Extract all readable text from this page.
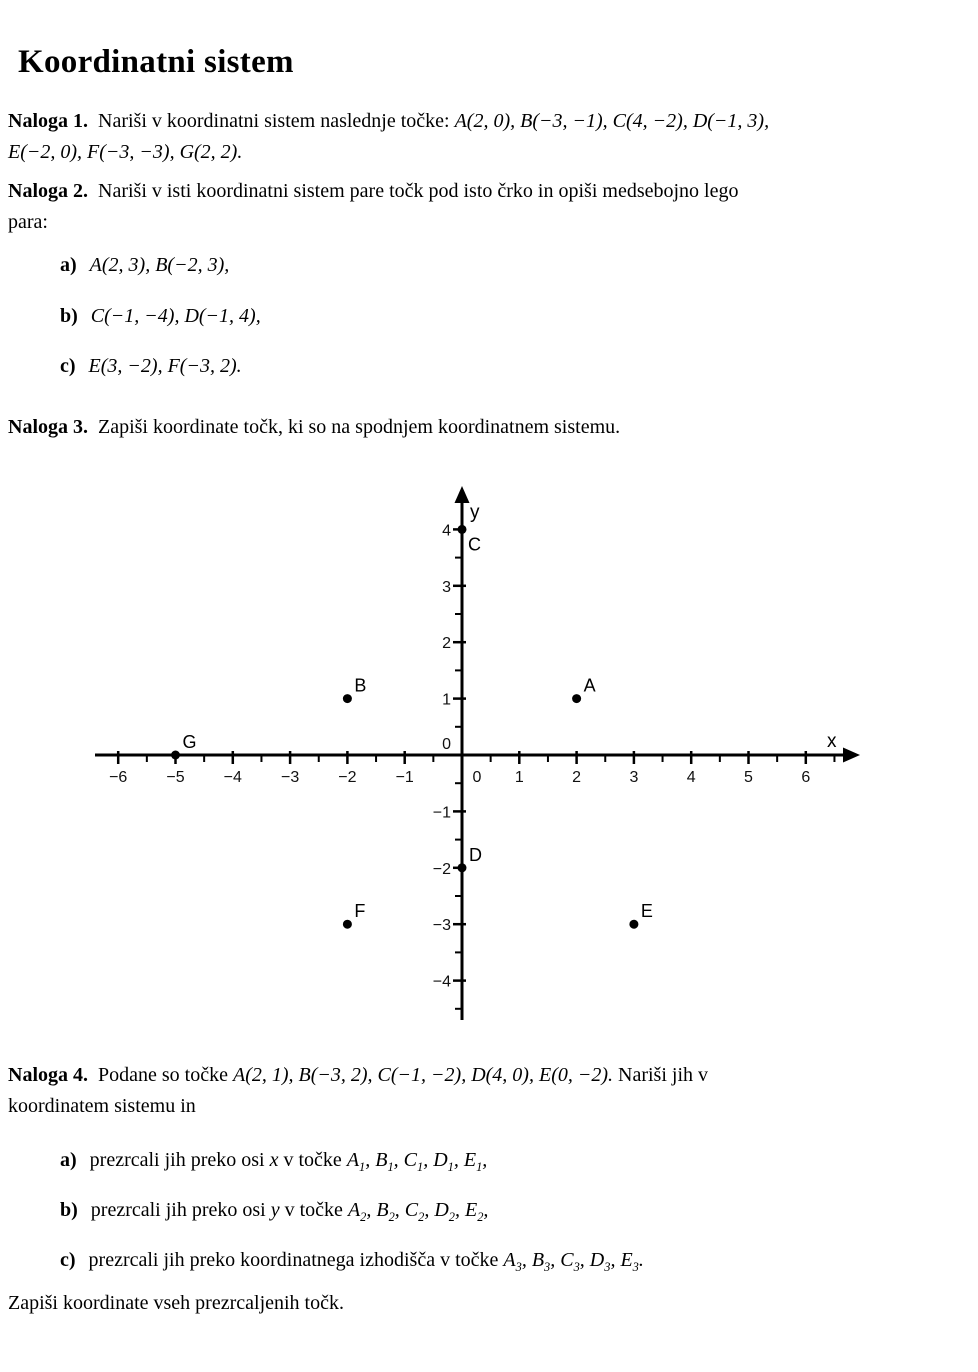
Koordinatni sistem
Naloga 1. Nariši v koordinatni sistem naslednje točke: A(2, 0), B(−3, −1), C(4, −2), D(−1, 3),
E(−2, 0), F(−3, −3), G(2, 2).
Naloga 2. Nariši v isti koordinatni sistem pare točk pod isto črko in opiši medsebojno lego
para:
a) A(2, 3), B(−2, 3),
b) C(−1, −4), D(−1, 4),
c) E(3, −2), F(−3, 2).
Naloga 3. Zapiši koordinate točk, ki so na spodnjem koordinatnem sistemu.
y
x
−6 −5 −4 −3 −2 −1	0 1	2	3	4	5	6
−4
−3
−2
−1
0
1
2
3
4
A
B
C
D
E
F
G
Naloga 4. Podane so točke A(2, 1), B(−3, 2), C(−1, −2), D(4, 0), E(0, −2). Nariši jih v
koordinatem sistemu in
a) prezrcali jih preko osi x v točke $A_1$, $B_1$, $C_1$, $D_1$, $E_1$,
b) prezrcali jih preko osi y v točke $A_2$, $B_2$, $C_2$, $D_2$, $E_2$,
c) prezrcali jih preko koordinatnega izhodišča v točke $A_3$, $B_3$, $C_3$, $D_3$, $E_3$.
Zapiši koordinate vseh prezrcaljenih točk.
